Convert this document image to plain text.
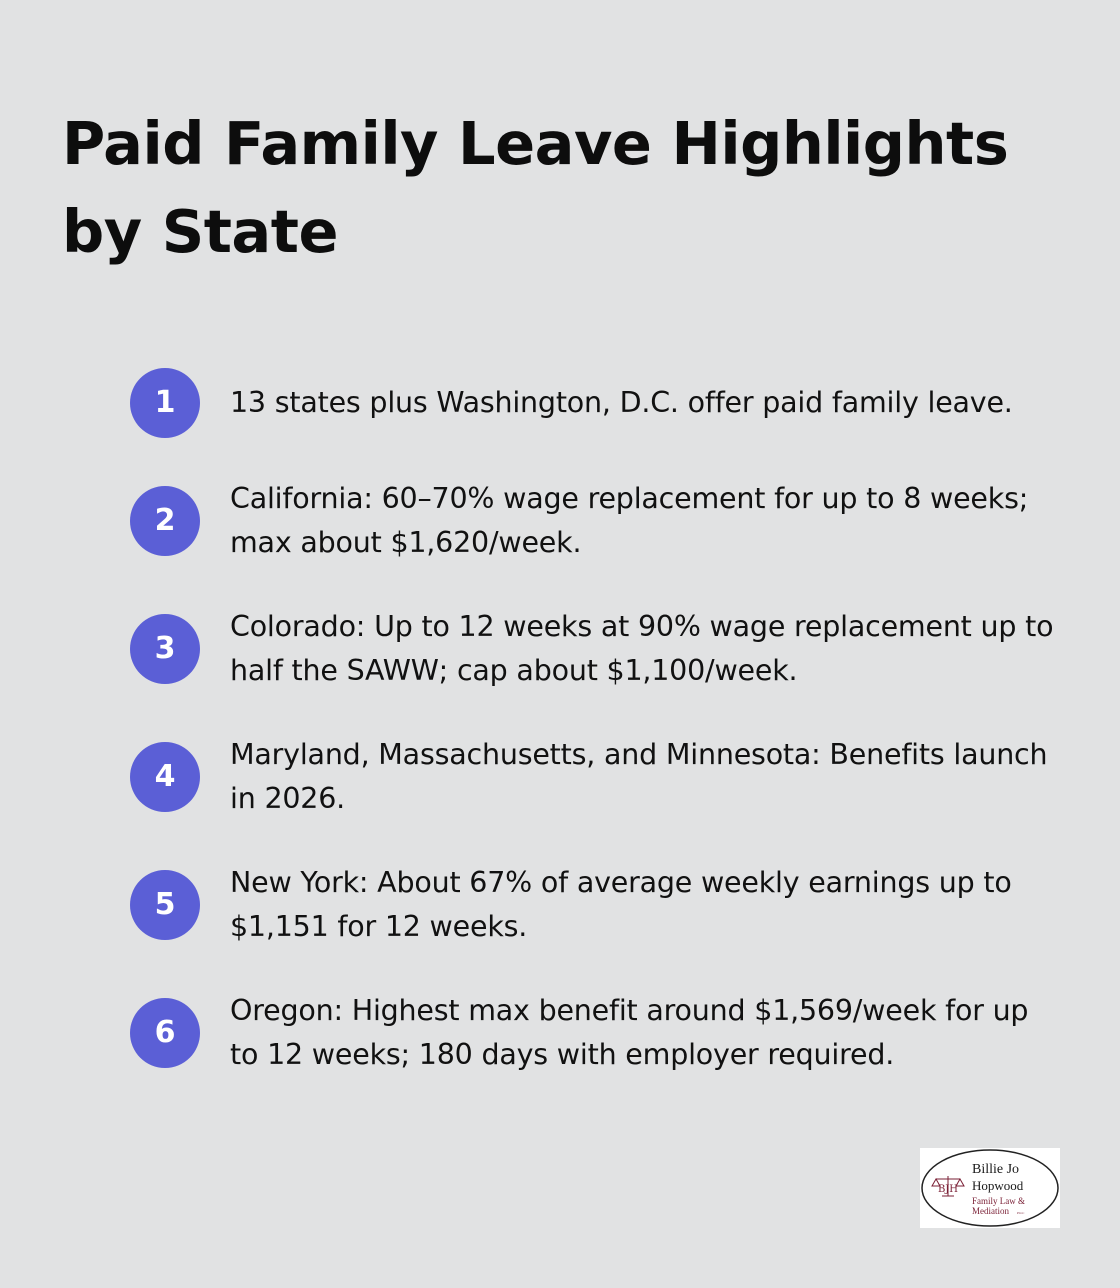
Paid Family Leave Highlights by State
1	13 states plus Washington, D.C. offer paid family leave.
2
California: 60–70% wage replacement for up to 8 weeks; max about $1,620/week.
3
Colorado: Up to 12 weeks at 90% wage replacement up to half the SAWW; cap about $1,100/week.
4
Maryland, Massachusetts, and Minnesota: Benefits launch in 2026.
5
New York: About 67% of average weekly earnings up to $1,151 for 12 weeks.
6
Oregon: Highest max benefit around $1,569/week for up to 12 weeks; 180 days with employer required.
BJH
Billie Jo
Hopwood
Family Law &
Mediation	PLLC
